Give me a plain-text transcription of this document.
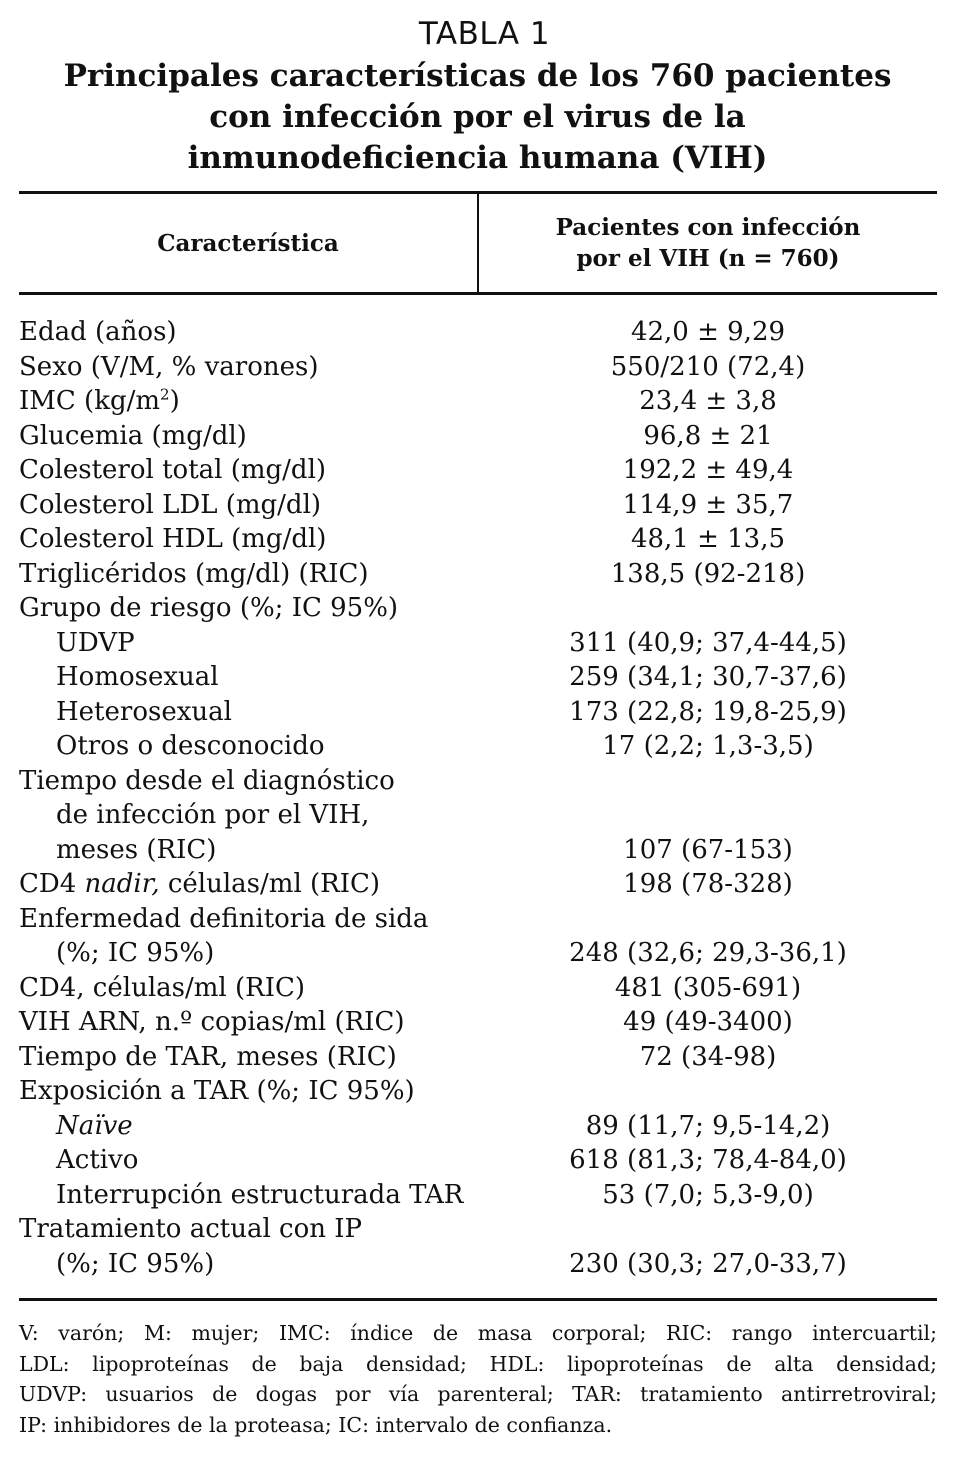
TABLA 1
Principales características de los 760 pacientes
con infección por el virus de la
inmunodeficiencia humana (VIH)
Característica
Pacientes con infección
por el VIH (n = 760)
Edad (años)	42,0 ± 9,29
Sexo (V/M, % varones)	550/210 (72,4)
IMC $(kg/m^2)$	23,4 ± 3,8
Glucemia (mg/dl)	96,8 ± 21
Colesterol total (mg/dl)	192,2 ± 49,4
Colesterol LDL (mg/dl)	114,9 ± 35,7
Colesterol HDL (mg/dl)	48,1 ± 13,5
Triglicéridos (mg/dl) (RIC)	138,5 (92-218)
Grupo de riesgo (%; IC 95%)
UDVP	311 (40,9; 37,4-44,5)
Homosexual	259 (34,1; 30,7-37,6)
Heterosexual	173 (22,8; 19,8-25,9)
Otros o desconocido	17 (2,2; 1,3-3,5)
Tiempo desde el diagnóstico
de infección por el VIH,
meses (RIC)	107 (67-153)
CD4 nadir, células/ml (RIC)	198 (78-328)
Enfermedad definitoria de sida
(%; IC 95%)	248 (32,6; 29,3-36,1)
CD4, células/ml (RIC)	481 (305-691)
VIH ARN, n.º copias/ml (RIC)	49 (49-3400)
Tiempo de TAR, meses (RIC)	72 (34-98)
Exposición a TAR (%; IC 95%)
Naïve	89 (11,7; 9,5-14,2)
Activo	618 (81,3; 78,4-84,0)
Interrupción estructurada TAR	53 (7,0; 5,3-9,0)
Tratamiento actual con IP
(%; IC 95%)	230 (30,3; 27,0-33,7)
V: varón; M: mujer; IMC: índice de masa corporal; RIC: rango intercuartil;
LDL: lipoproteínas de baja densidad; HDL: lipoproteínas de alta densidad;
UDVP: usuarios de dogas por vía parenteral; TAR: tratamiento antirretroviral;
IP: inhibidores de la proteasa; IC: intervalo de confianza.
